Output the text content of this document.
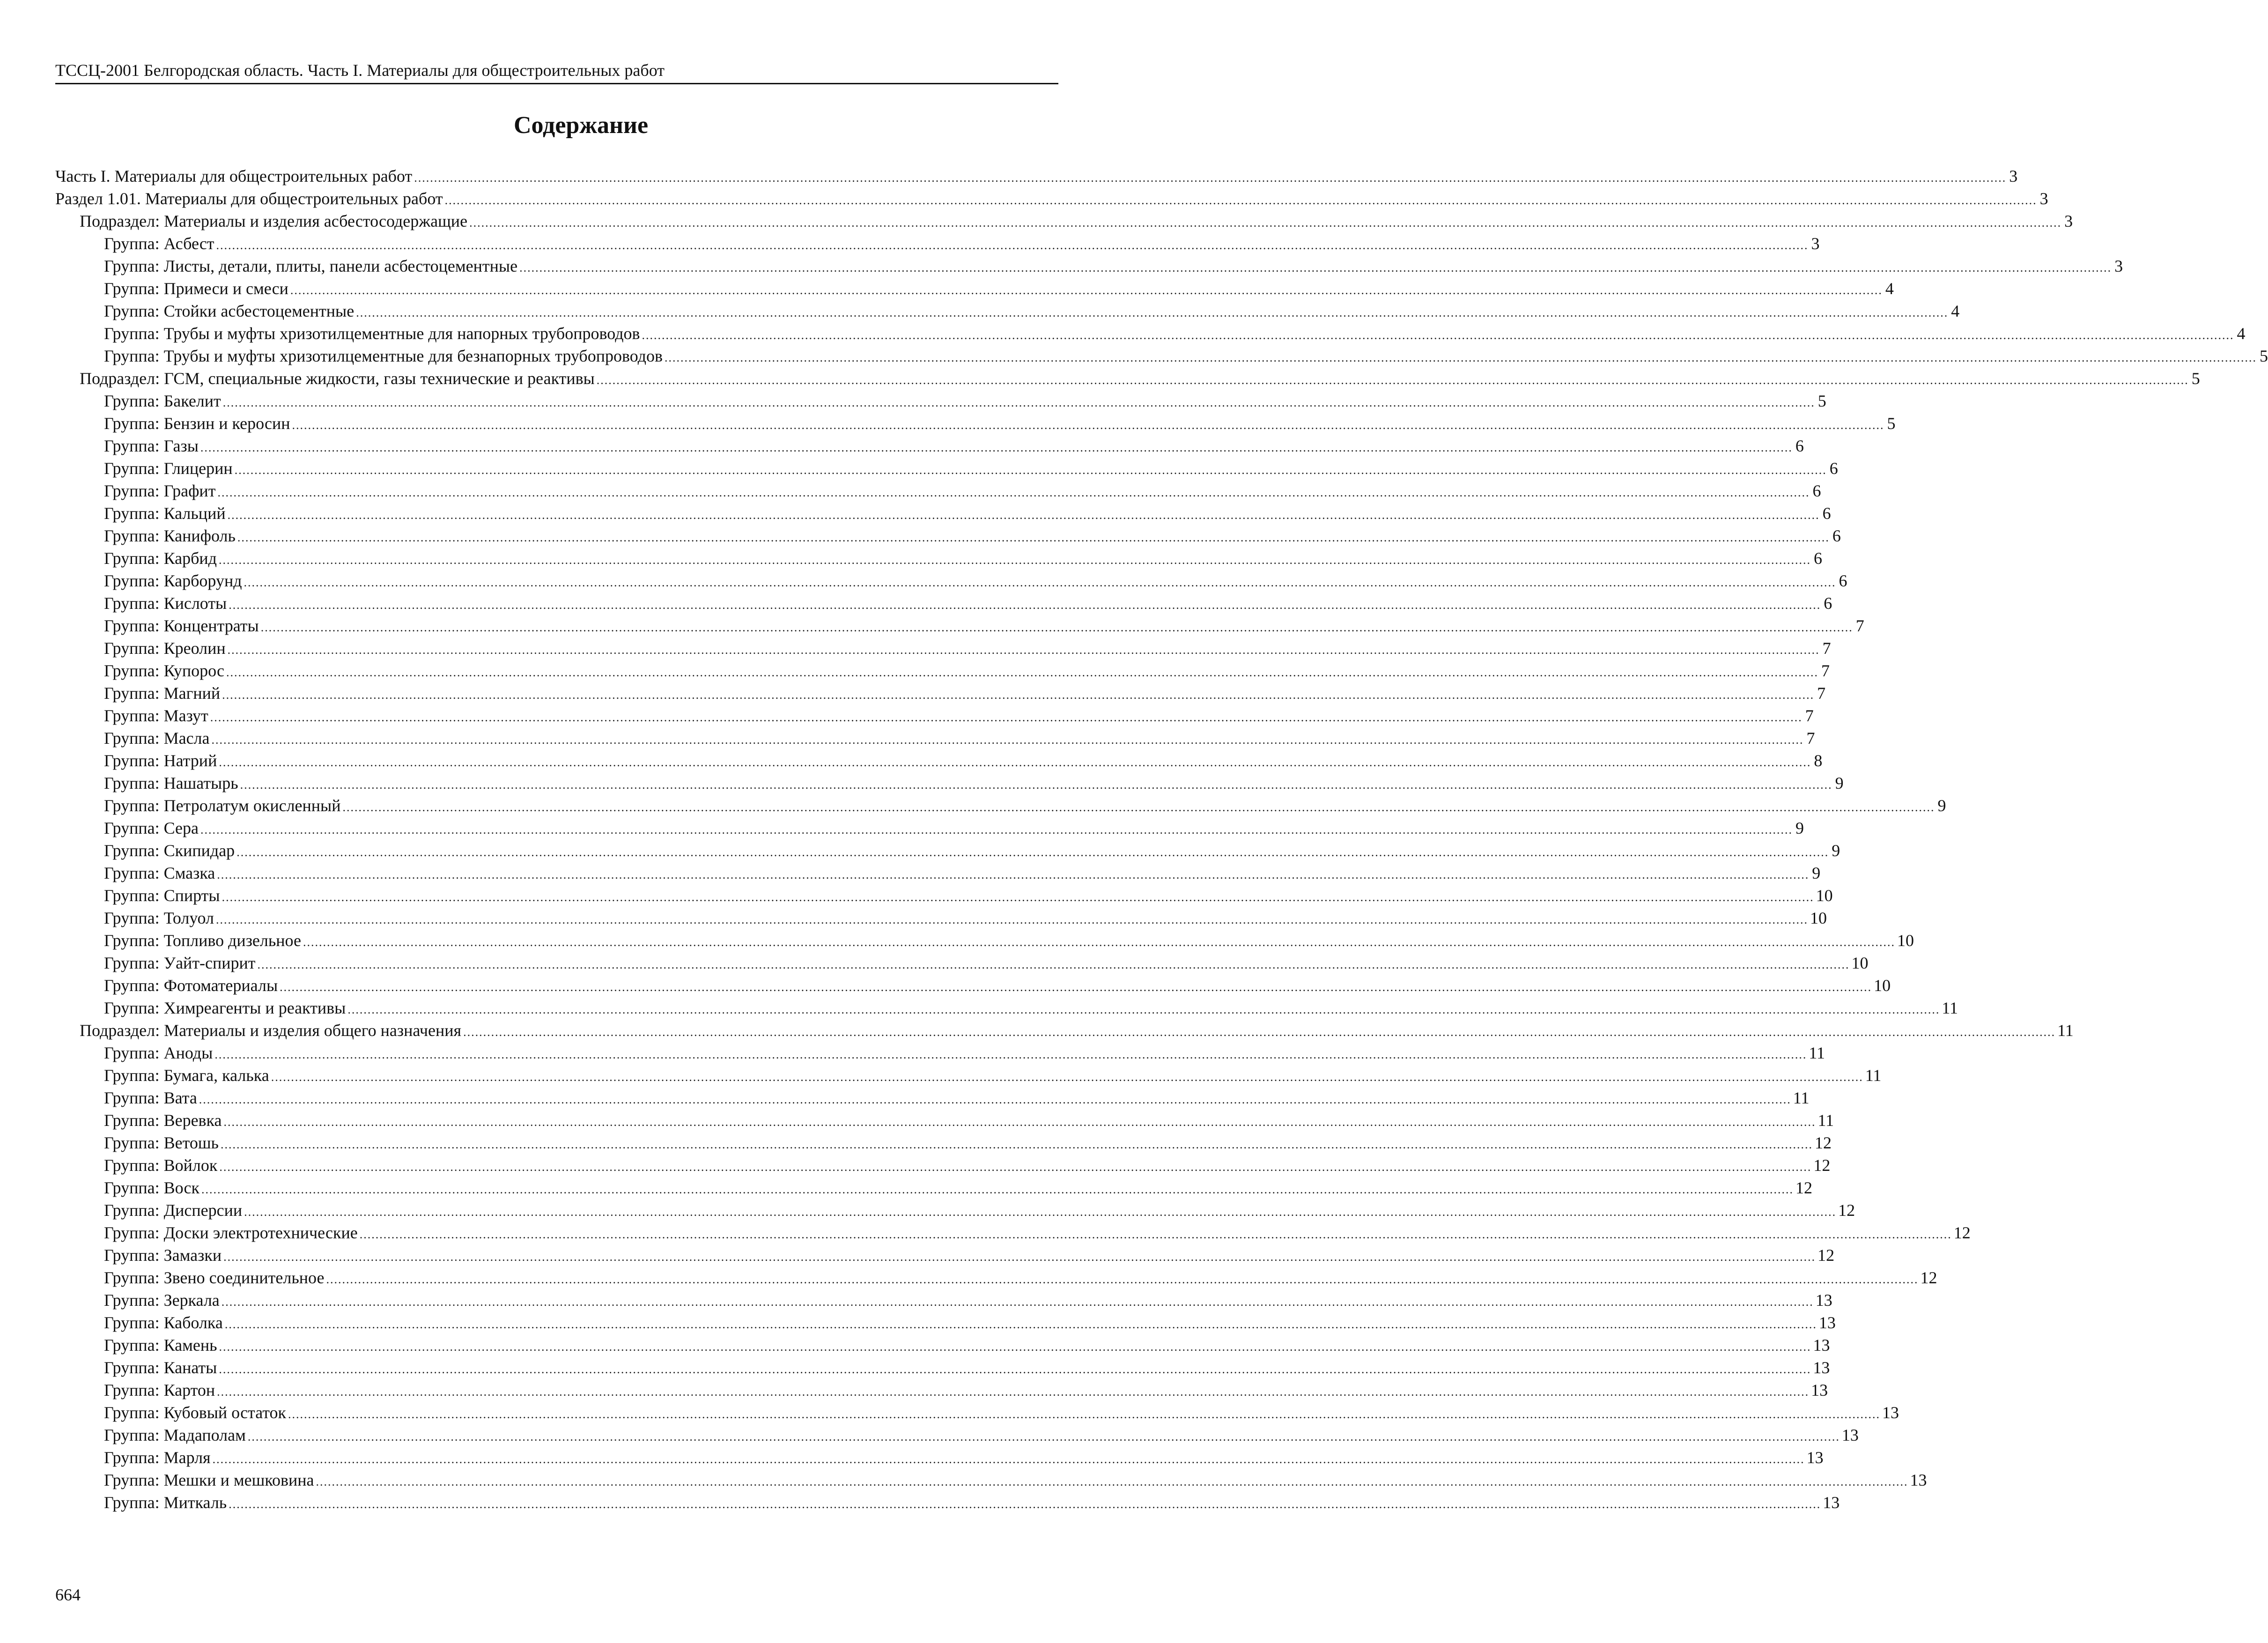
ТССЦ-2001 Белгородская область. Часть I. Материалы для общестроительных работ
Содержание
Часть I. Материалы для общестроительных работ ................................................................................................................................................................................................................................................................................................................................................................................................................ 3
Раздел 1.01. Материалы для общестроительных работ ................................................................................................................................................................................................................................................................................................................................................................................................................ 3
Подраздел: Материалы и изделия асбестосодержащие ................................................................................................................................................................................................................................................................................................................................................................................................................ 3
Группа: Асбест ................................................................................................................................................................................................................................................................................................................................................................................................................ 3
Группа: Листы, детали, плиты, панели асбестоцементные ................................................................................................................................................................................................................................................................................................................................................................................................................ 3
Группа: Примеси и смеси ................................................................................................................................................................................................................................................................................................................................................................................................................ 4
Группа: Стойки асбестоцементные ................................................................................................................................................................................................................................................................................................................................................................................................................ 4
Группа: Трубы и муфты хризотилцементные для напорных трубопроводов ................................................................................................................................................................................................................................................................................................................................................................................................................ 4
Группа: Трубы и муфты хризотилцементные для безнапорных трубопроводов ................................................................................................................................................................................................................................................................................................................................................................................................................ 5
Подраздел: ГСМ, специальные жидкости, газы технические и реактивы ................................................................................................................................................................................................................................................................................................................................................................................................................ 5
Группа: Бакелит ................................................................................................................................................................................................................................................................................................................................................................................................................ 5
Группа: Бензин и керосин ................................................................................................................................................................................................................................................................................................................................................................................................................ 5
Группа: Газы ................................................................................................................................................................................................................................................................................................................................................................................................................ 6
Группа: Глицерин ................................................................................................................................................................................................................................................................................................................................................................................................................ 6
Группа: Графит ................................................................................................................................................................................................................................................................................................................................................................................................................ 6
Группа: Кальций ................................................................................................................................................................................................................................................................................................................................................................................................................ 6
Группа: Канифоль ................................................................................................................................................................................................................................................................................................................................................................................................................ 6
Группа: Карбид ................................................................................................................................................................................................................................................................................................................................................................................................................ 6
Группа: Карборунд ................................................................................................................................................................................................................................................................................................................................................................................................................ 6
Группа: Кислоты ................................................................................................................................................................................................................................................................................................................................................................................................................ 6
Группа: Концентраты ................................................................................................................................................................................................................................................................................................................................................................................................................ 7
Группа: Креолин ................................................................................................................................................................................................................................................................................................................................................................................................................ 7
Группа: Купорос ................................................................................................................................................................................................................................................................................................................................................................................................................ 7
Группа: Магний ................................................................................................................................................................................................................................................................................................................................................................................................................ 7
Группа: Мазут ................................................................................................................................................................................................................................................................................................................................................................................................................ 7
Группа: Масла ................................................................................................................................................................................................................................................................................................................................................................................................................ 7
Группа: Натрий ................................................................................................................................................................................................................................................................................................................................................................................................................ 8
Группа: Нашатырь ................................................................................................................................................................................................................................................................................................................................................................................................................ 9
Группа: Петролатум окисленный ................................................................................................................................................................................................................................................................................................................................................................................................................ 9
Группа: Сера ................................................................................................................................................................................................................................................................................................................................................................................................................ 9
Группа: Скипидар ................................................................................................................................................................................................................................................................................................................................................................................................................ 9
Группа: Смазка ................................................................................................................................................................................................................................................................................................................................................................................................................ 9
Группа: Спирты ................................................................................................................................................................................................................................................................................................................................................................................................................ 10
Группа: Толуол ................................................................................................................................................................................................................................................................................................................................................................................................................ 10
Группа: Топливо дизельное ................................................................................................................................................................................................................................................................................................................................................................................................................ 10
Группа: Уайт-спирит ................................................................................................................................................................................................................................................................................................................................................................................................................ 10
Группа: Фотоматериалы ................................................................................................................................................................................................................................................................................................................................................................................................................ 10
Группа: Химреагенты и реактивы ................................................................................................................................................................................................................................................................................................................................................................................................................ 11
Подраздел: Материалы и изделия общего назначения ................................................................................................................................................................................................................................................................................................................................................................................................................ 11
Группа: Аноды ................................................................................................................................................................................................................................................................................................................................................................................................................ 11
Группа: Бумага, калька ................................................................................................................................................................................................................................................................................................................................................................................................................ 11
Группа: Вата ................................................................................................................................................................................................................................................................................................................................................................................................................ 11
Группа: Веревка ................................................................................................................................................................................................................................................................................................................................................................................................................ 11
Группа: Ветошь ................................................................................................................................................................................................................................................................................................................................................................................................................ 12
Группа: Войлок ................................................................................................................................................................................................................................................................................................................................................................................................................ 12
Группа: Воск ................................................................................................................................................................................................................................................................................................................................................................................................................ 12
Группа: Дисперсии ................................................................................................................................................................................................................................................................................................................................................................................................................ 12
Группа: Доски электротехнические ................................................................................................................................................................................................................................................................................................................................................................................................................ 12
Группа: Замазки ................................................................................................................................................................................................................................................................................................................................................................................................................ 12
Группа: Звено соединительное ................................................................................................................................................................................................................................................................................................................................................................................................................ 12
Группа: Зеркала ................................................................................................................................................................................................................................................................................................................................................................................................................ 13
Группа: Каболка ................................................................................................................................................................................................................................................................................................................................................................................................................ 13
Группа: Камень ................................................................................................................................................................................................................................................................................................................................................................................................................ 13
Группа: Канаты ................................................................................................................................................................................................................................................................................................................................................................................................................ 13
Группа: Картон ................................................................................................................................................................................................................................................................................................................................................................................................................ 13
Группа: Кубовый остаток ................................................................................................................................................................................................................................................................................................................................................................................................................ 13
Группа: Мадаполам ................................................................................................................................................................................................................................................................................................................................................................................................................ 13
Группа: Марля ................................................................................................................................................................................................................................................................................................................................................................................................................ 13
Группа: Мешки и мешковина ................................................................................................................................................................................................................................................................................................................................................................................................................ 13
Группа: Миткаль ................................................................................................................................................................................................................................................................................................................................................................................................................ 13
664
